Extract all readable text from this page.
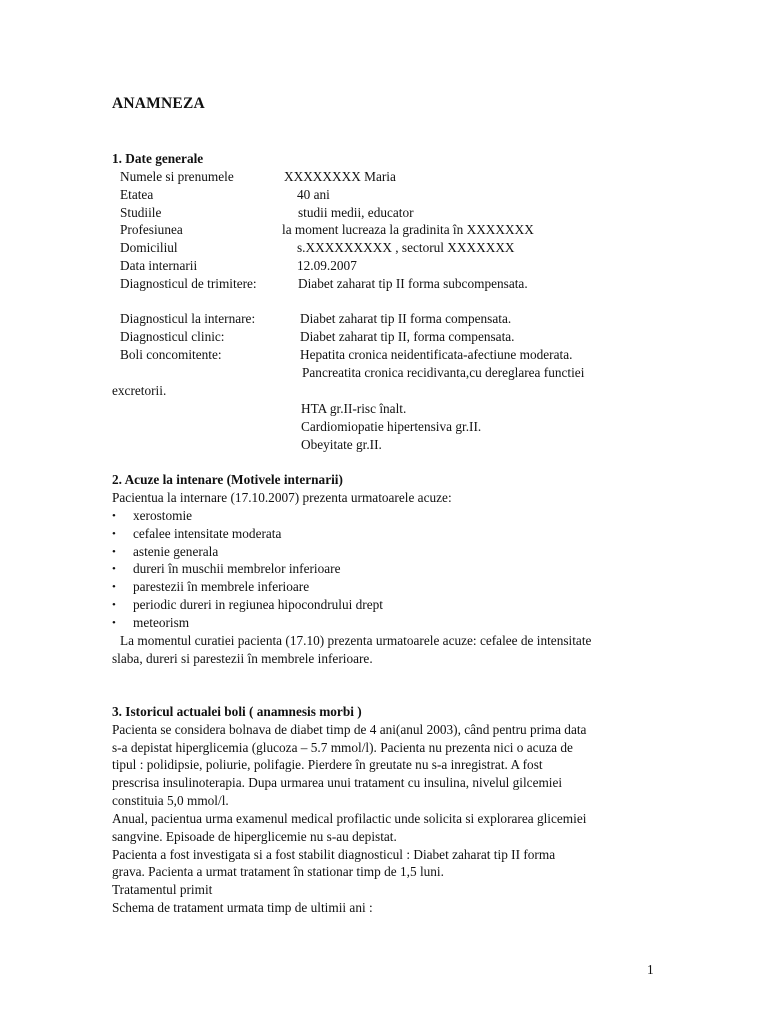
ANAMNEZA
1. Date generale
Numele si prenumele	XXXXXXXX Maria
Etatea	40 ani
Studiile	studii medii, educator
Profesiunea	la moment lucreaza la gradinita în XXXXXXX
Domiciliul	s.XXXXXXXXX , sectorul XXXXXXX
Data internarii	12.09.2007
Diagnosticul de trimitere:	Diabet zaharat tip II forma subcompensata.
Diagnosticul la internare:	Diabet zaharat tip II forma compensata.
Diagnosticul clinic:	Diabet zaharat tip II, forma compensata.
Boli concomitente:	Hepatita cronica neidentificata-afectiune moderata.
Pancreatita cronica recidivanta,cu dereglarea functiei
excretorii.
HTA gr.II-risc înalt.
Cardiomiopatie hipertensiva gr.II.
Obeyitate gr.II.
2. Acuze la intenare (Motivele internarii)
Pacientua la internare (17.10.2007) prezenta urmatoarele acuze:
• xerostomie
• cefalee intensitate moderata
• astenie generala
• dureri în muschii membrelor inferioare
• parestezii în membrele inferioare
• periodic dureri in regiunea hipocondrului drept
• meteorism
La momentul curatiei pacienta (17.10) prezenta urmatoarele acuze: cefalee de intensitate
slaba, dureri si parestezii în membrele inferioare.
3. Istoricul actualei boli ( anamnesis morbi )
Pacienta se considera bolnava de diabet timp de 4 ani(anul 2003), când pentru prima data
s-a depistat hiperglicemia (glucoza – 5.7 mmol/l). Pacienta nu prezenta nici o acuza de
tipul : polidipsie, poliurie, polifagie. Pierdere în greutate nu s-a inregistrat. A fost
prescrisa insulinoterapia. Dupa urmarea unui tratament cu insulina, nivelul gilcemiei
constituia 5,0 mmol/l.
Anual, pacientua urma examenul medical profilactic unde solicita si explorarea glicemiei
sangvine. Episoade de hiperglicemie nu s-au depistat.
Pacienta a fost investigata si a fost stabilit diagnosticul : Diabet zaharat tip II forma
grava. Pacienta a urmat tratament în stationar timp de 1,5 luni.
Tratamentul primit
Schema de tratament urmata timp de ultimii ani :
1
